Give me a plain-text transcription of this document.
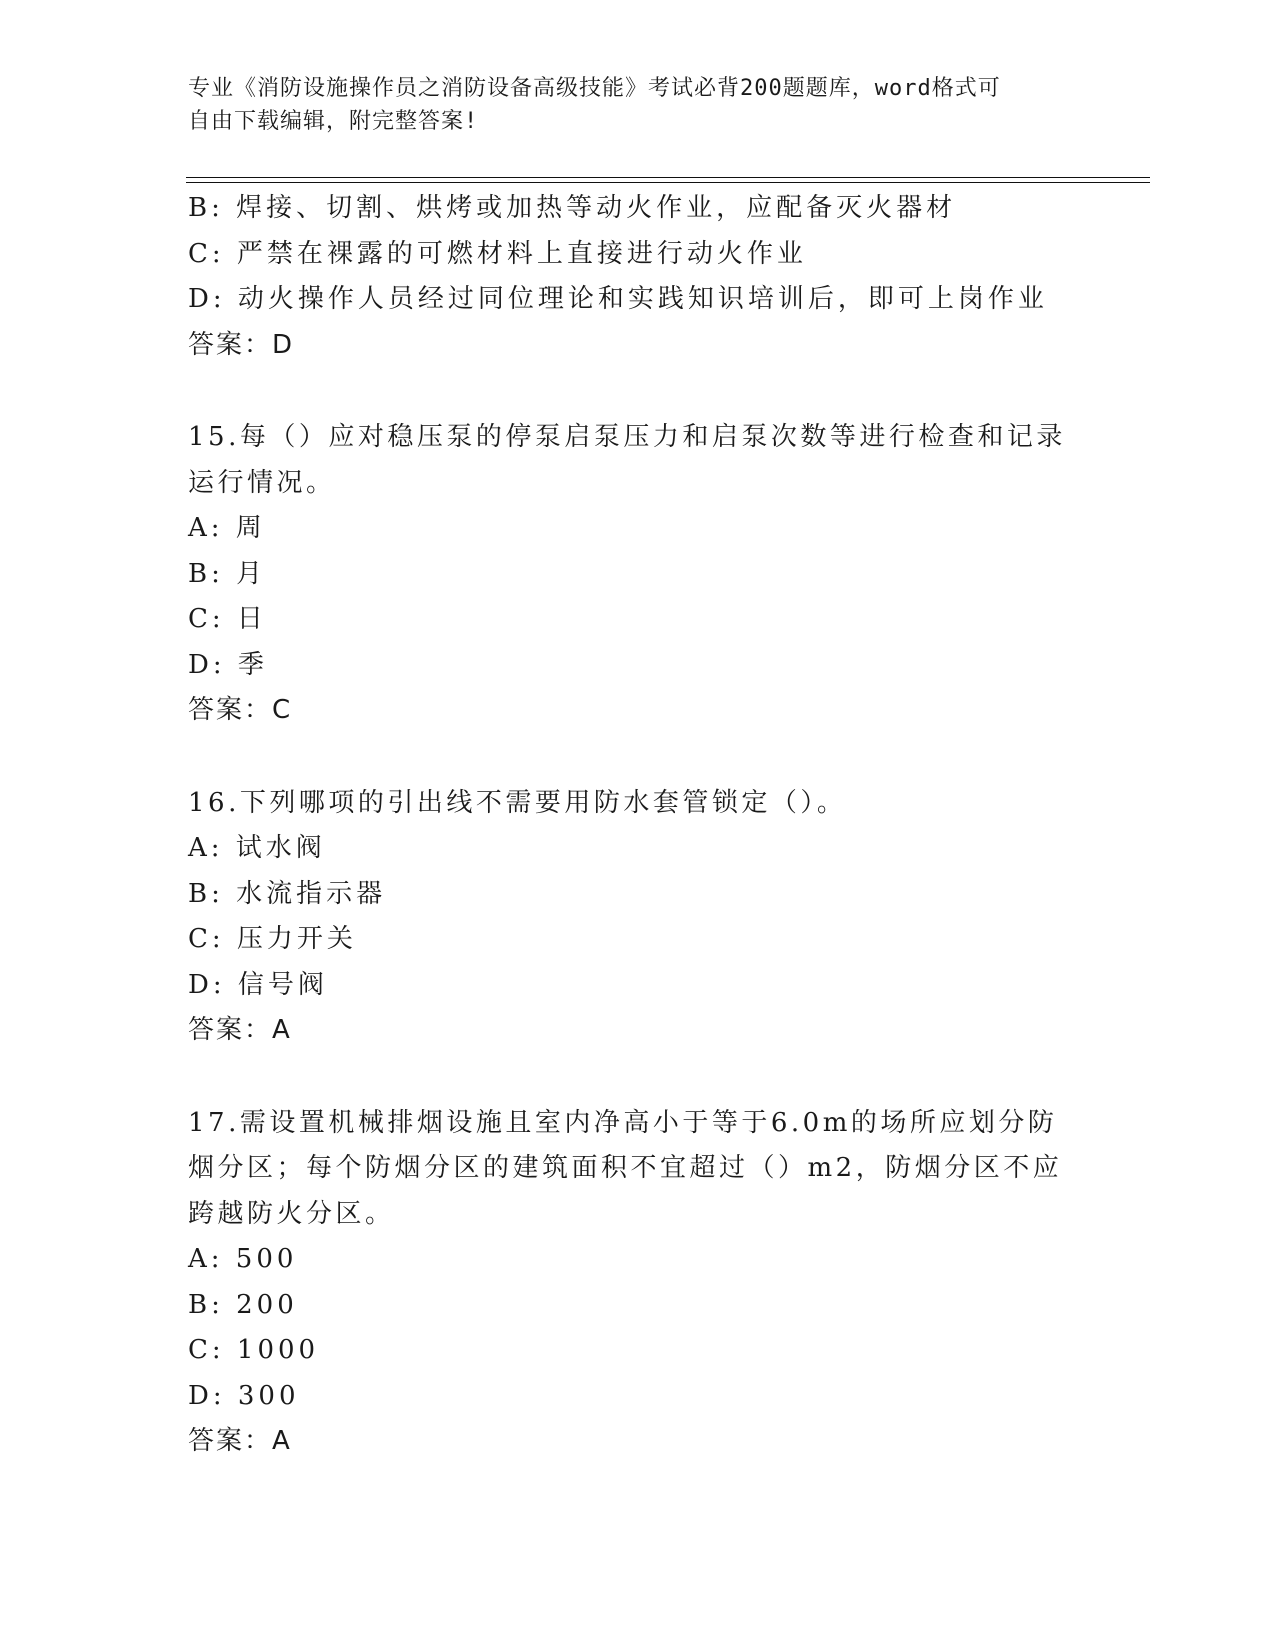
专业《消防设施操作员之消防设备高级技能》考试必背200题题库，word格式可
自由下载编辑，附完整答案!
B: 焊接、切割、烘烤或加热等动火作业，应配备灭火器材
C: 严禁在裸露的可燃材料上直接进行动火作业
D: 动火操作人员经过同位理论和实践知识培训后，即可上岗作业
答案：D
15.每（）应对稳压泵的停泵启泵压力和启泵次数等进行检查和记录运行情况。
A: 周
B: 月
C: 日
D: 季
答案：C
16.下列哪项的引出线不需要用防水套管锁定（）。
A: 试水阀
B: 水流指示器
C: 压力开关
D: 信号阀
答案：A
17.需设置机械排烟设施且室内净高小于等于6.0m的场所应划分防烟分区；每个防烟分区的建筑面积不宜超过（）m2，防烟分区不应跨越防火分区。
A: 500
B: 200
C: 1000
D: 300
答案：A
